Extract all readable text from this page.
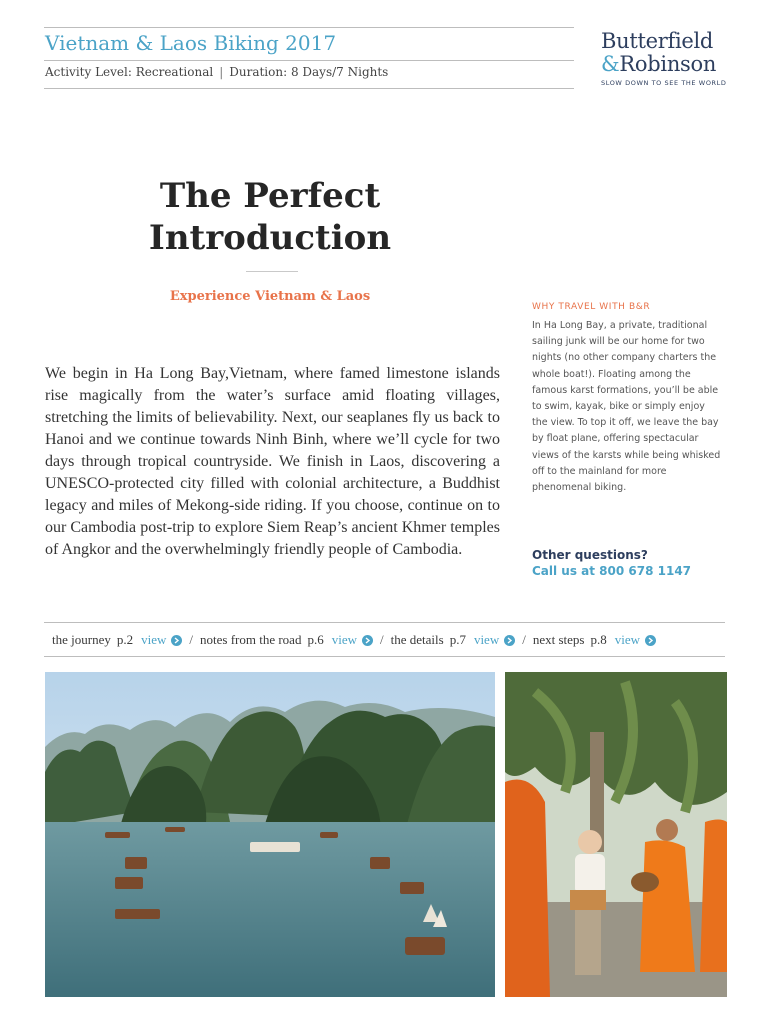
Vietnam & Laos Biking 2017
Activity Level: Recreational | Duration: 8 Days/7 Nights
Butterfield
&Robinson
SLOW DOWN TO SEE THE WORLD
The Perfect
Introduction
Experience Vietnam & Laos

We begin in Ha Long Bay,Vietnam, where famed limestone islands rise magically from the water’s surface amid floating villages, stretching the limits of believability. Next, our seaplanes fly us back to Hanoi and we continue towards Ninh Binh, where we’ll cycle for two days through tropical countryside. We finish in Laos, discovering a UNESCO-protected city filled with colonial architecture, a Buddhist legacy and miles of Mekong-side riding. If you choose, continue on to our Cambodia post-trip to explore Siem Reap’s ancient Khmer temples of Angkor and the overwhelmingly friendly people of Cambodia.

WHY TRAVEL WITH B&R
In Ha Long Bay, a private, traditional sailing junk will be our home for two nights (no other company charters the whole boat!). Floating among the famous karst formations, you’ll be able to swim, kayak, bike or simply enjoy the view. To top it off, we leave the bay by float plane, offering spectacular views of the karsts while being whisked off to the mainland for more phenomenal biking.
Other questions?
Call us at 800 678 1147
the journey p.2 view / notes from the road p.6 view / the details p.7 view / next steps p.8 view
